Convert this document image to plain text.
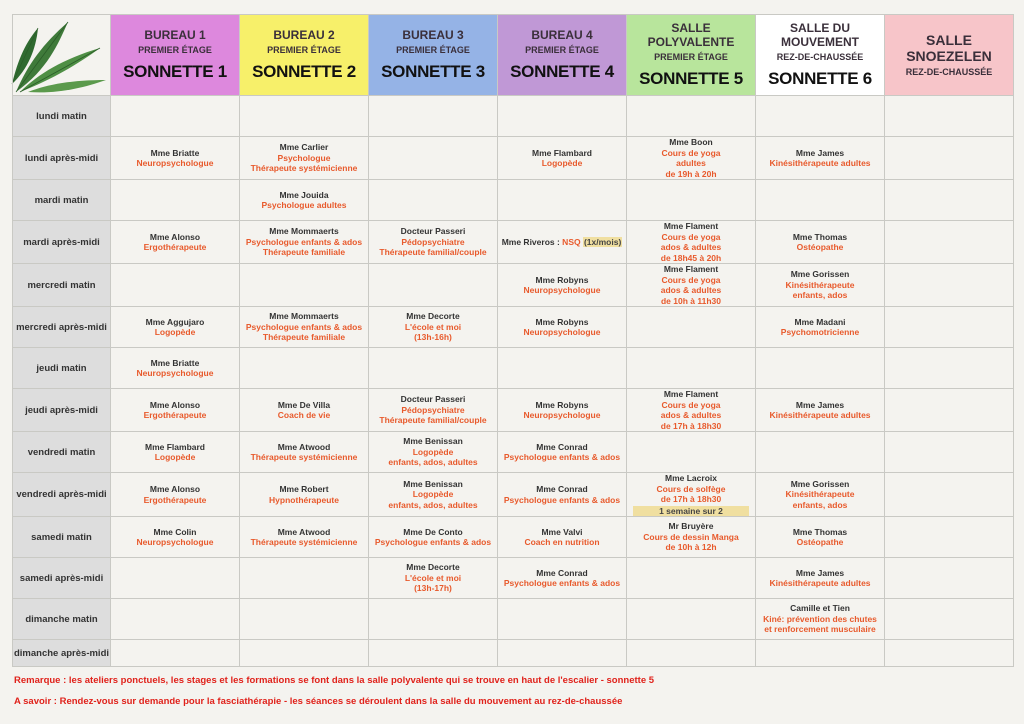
	BUREAU 1
PREMIER ÉTAGE
SONNETTE 1	BUREAU 2
PREMIER ÉTAGE
SONNETTE 2	BUREAU 3
PREMIER ÉTAGE
SONNETTE 3	BUREAU 4
PREMIER ÉTAGE
SONNETTE 4	SALLE POLYVALENTE
PREMIER ÉTAGE
SONNETTE 5	SALLE DU MOUVEMENT
REZ-DE-CHAUSSÉE
SONNETTE 6	SALLE SNOEZELEN
REZ-DE-CHAUSSÉE

lundi matin	

lundi après-midi	Mme Briatte
Neuropsychologue	Mme Carlier
Psychologue
Thérapeute systémicienne		Mme Flambard
Logopède	Mme Boon
Cours de yoga
adultes
de 19h à 20h	Mme James
Kinésithérapeute adultes	

mardi matin		Mme Jouida
Psychologue adultes					

mardi après-midi	Mme Alonso
Ergothérapeute	Mme Mommaerts
Psychologue enfants & ados
Thérapeute familiale	Docteur Passeri
Pédopsychiatre
Thérapeute familial/couple	Mme Riveros : NSQ (1x/mois)	Mme Flament
Cours de yoga
ados & adultes
de 18h45 à 20h	Mme Thomas
Ostéopathe	

mercredi matin				Mme Robyns
Neuropsychologue	Mme Flament
Cours de yoga
ados & adultes
de 10h à 11h30	Mme Gorissen
Kinésithérapeute
enfants, ados	

mercredi après-midi	Mme Aggujaro
Logopède	Mme Mommaerts
Psychologue enfants & ados
Thérapeute familiale	Mme Decorte
L'école et moi
(13h-16h)	Mme Robyns
Neuropsychologue		Mme Madani
Psychomotricienne	

jeudi matin	Mme Briatte
Neuropsychologue						

jeudi après-midi	Mme Alonso
Ergothérapeute	Mme De Villa
Coach de vie	Docteur Passeri
Pédopsychiatre
Thérapeute familial/couple	Mme Robyns
Neuropsychologue	Mme Flament
Cours de yoga
ados & adultes
de 17h à 18h30	Mme James
Kinésithérapeute adultes	

vendredi matin	Mme Flambard
Logopède	Mme Atwood
Thérapeute systémicienne	Mme Benissan
Logopède
enfants, ados, adultes	Mme Conrad
Psychologue enfants & ados			

vendredi après-midi	Mme Alonso
Ergothérapeute	Mme Robert
Hypnothérapeute	Mme Benissan
Logopède
enfants, ados, adultes	Mme Conrad
Psychologue enfants & ados	Mme Lacroix
Cours de solfège
de 17h à 18h30
1 semaine sur 2	Mme Gorissen
Kinésithérapeute
enfants, ados	

samedi matin	Mme Colin
Neuropsychologue	Mme Atwood
Thérapeute systémicienne	Mme De Conto
Psychologue enfants & ados	Mme Valvi
Coach en nutrition	Mr Bruyère
Cours de dessin Manga
de 10h à 12h	Mme Thomas
Ostéopathe	

samedi après-midi			Mme Decorte
L'école et moi
(13h-17h)	Mme Conrad
Psychologue enfants & ados		Mme James
Kinésithérapeute adultes	

dimanche matin						Camille et Tien
Kiné: prévention des chutes
et renforcement musculaire	

dimanche après-midi	

Remarque : les ateliers ponctuels, les stages et les formations se font dans la salle polyvalente qui se trouve en haut de l'escalier - sonnette 5
A savoir : Rendez-vous sur demande pour la fasciathérapie - les séances se déroulent dans la salle du mouvement au rez-de-chaussée
